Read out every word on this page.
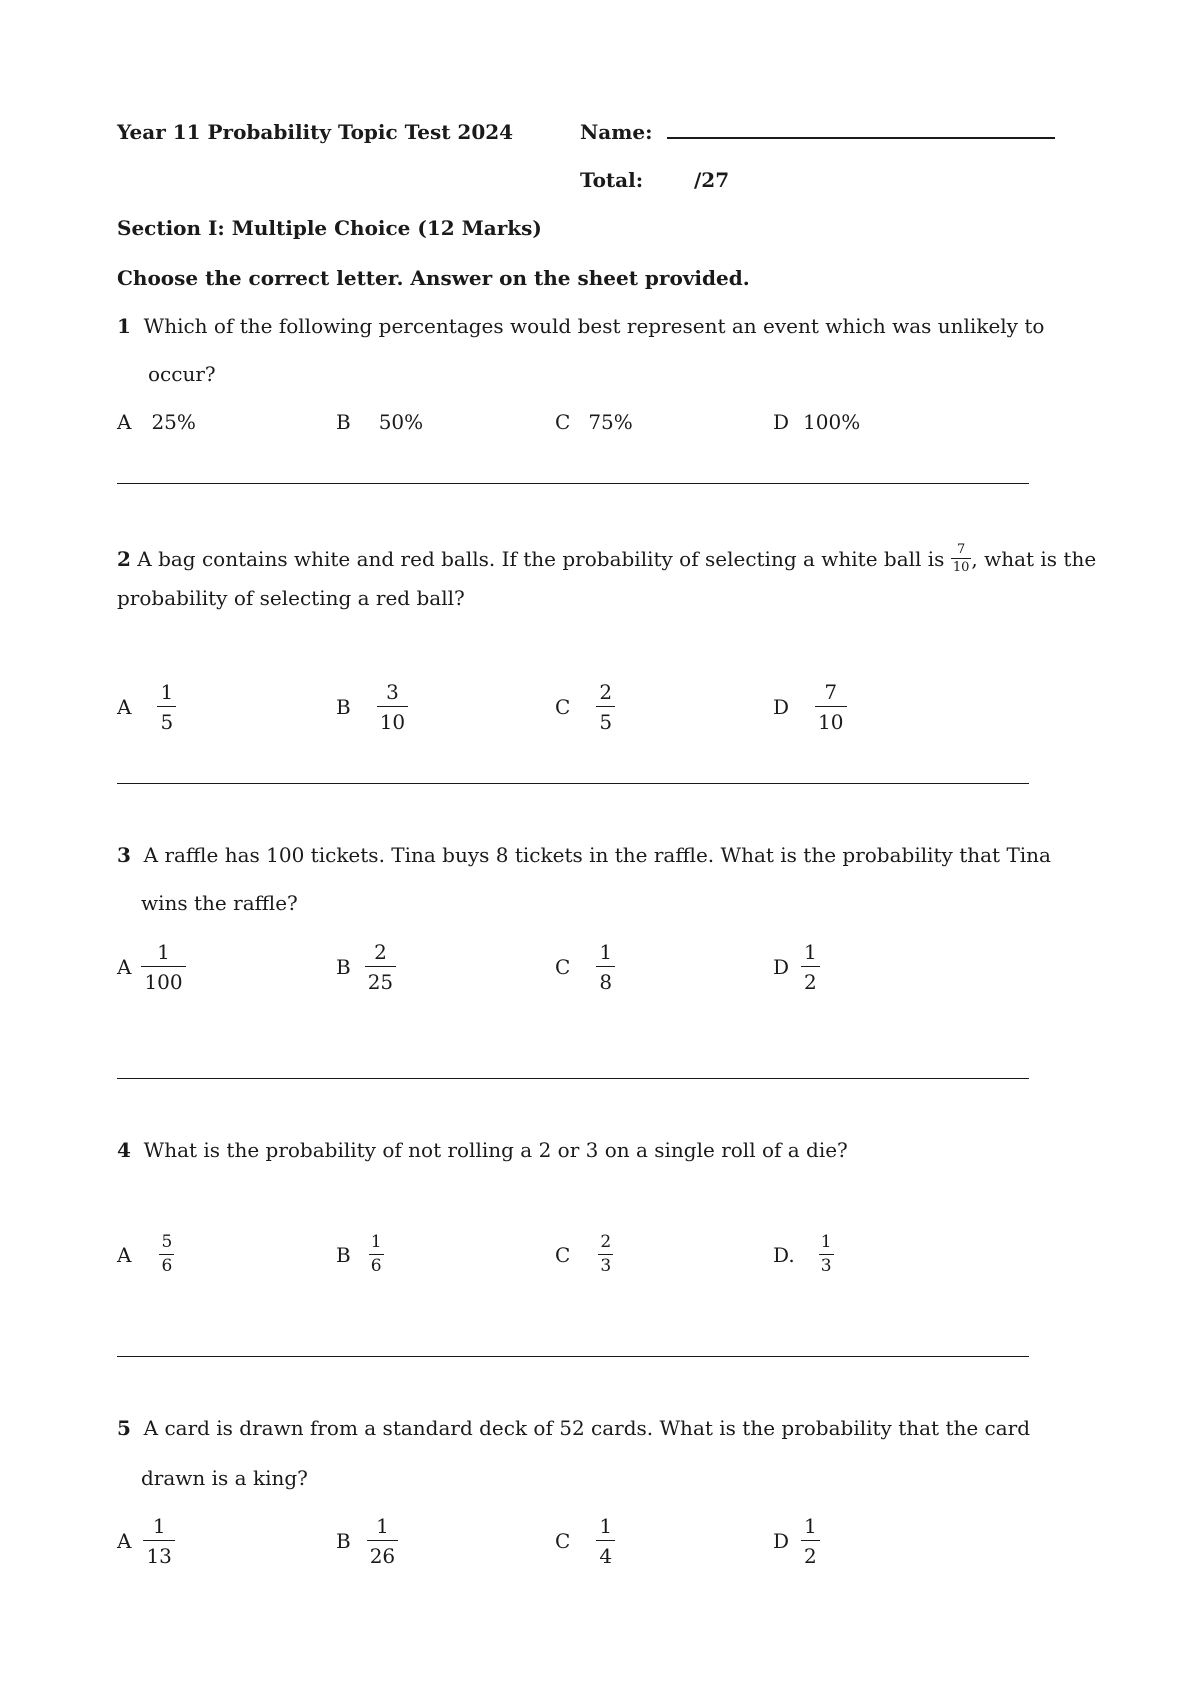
Year 11 Probability Topic Test 2024	Name:
Total:	/27
Section I: Multiple Choice (12 Marks)
Choose the correct letter. Answer on the sheet provided.
1 Which of the following percentages would best represent an event which was unlikely to
occur?
A 25%	B 50%	C 75%	D 100%
2
A bag contains white and red balls. If the probability of selecting a white ball is
$\frac{7}{10}$ , what is the
probability of selecting a red ball?
A $\frac{1}{5}$	B $\frac{3}{10}$	C $\frac{2}{5}$	D $\frac{7}{10}$
3 A raffle has 100 tickets. Tina buys 8 tickets in the raffle. What is the probability that Tina
wins the raffle?
A $\frac{1}{100}$	B $\frac{2}{25}$	C $\frac{1}{8}$	D $\frac{1}{2}$
4 What is the probability of not rolling a 2 or 3 on a single roll of a die?
A $\frac{5}{6}$	B $\frac{1}{6}$	C $\frac{2}{3}$	D. $\frac{1}{3}$
5 A card is drawn from a standard deck of 52 cards. What is the probability that the card
drawn is a king?
A $\frac{1}{13}$	B $\frac{1}{26}$	C $\frac{1}{4}$	D $\frac{1}{2}$
